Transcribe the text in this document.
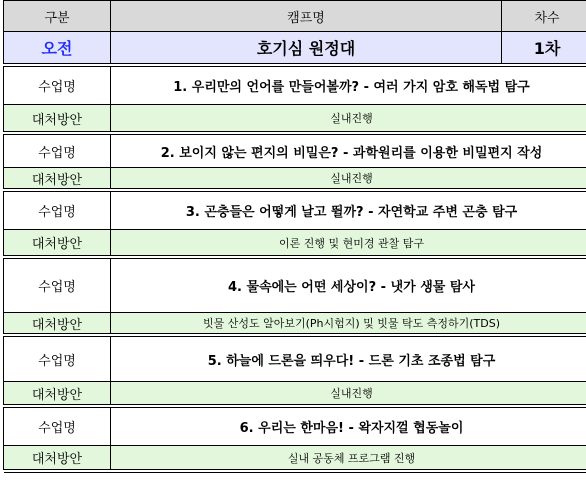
구분	캠프명	차수
오전	호기심 원정대	1차

수업명	1. 우리만의 언어를 만들어볼까? - 여러 가지 암호 해독법 탐구	
대처방안	실내진행	

수업명	2. 보이지 않는 편지의 비밀은? - 과학원리를 이용한 비밀편지 작성	
대처방안	실내진행	

수업명	3. 곤충들은 어떻게 날고 뛸까? - 자연학교 주변 곤충 탐구	
대처방안	이론 진행 및 현미경 관찰 탐구	

수업명	4. 물속에는 어떤 세상이? - 냇가 생물 탐사	
대처방안	빗물 산성도 알아보기(Ph시험지) 및 빗물 탁도 측정하기(TDS)	

수업명	5. 하늘에 드론을 띄우다! - 드론 기초 조종법 탐구	
대처방안	실내진행	

수업명	6. 우리는 한마음! - 왁자지껄 협동놀이	
대처방안	실내 공동체 프로그램 진행	
